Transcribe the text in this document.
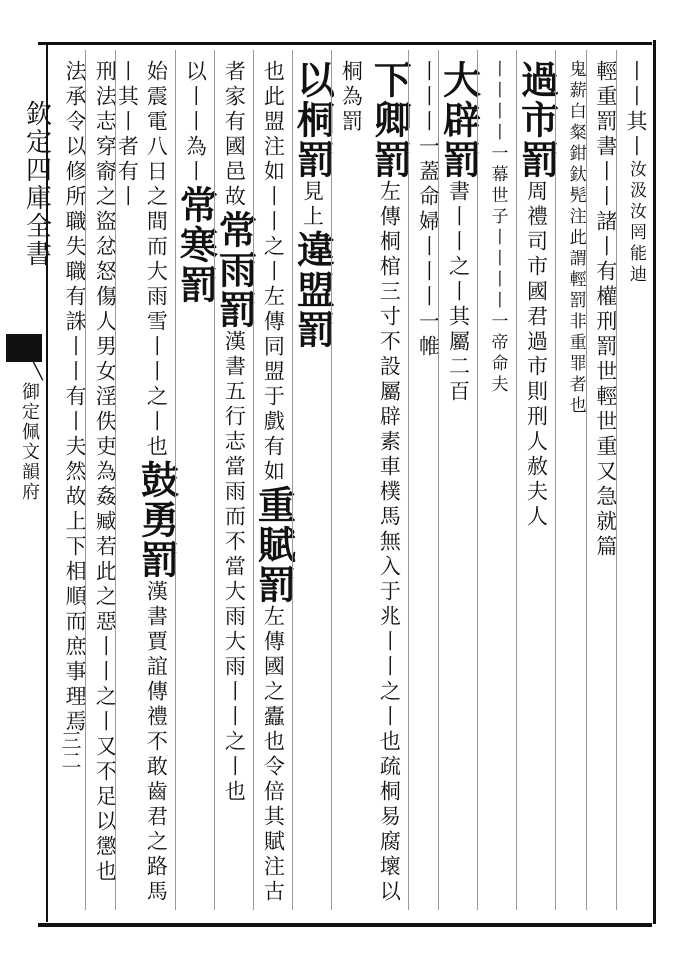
欽定四庫全書
╲
御定佩文韻府
三二
丨丨其丨汝汲汝罔能迪
輕重罰書丨丨諸丨有權刑罰世輕世重又急就篇
鬼薪白粲鉗釱髡注此謂輕罰非重罪者也
過市罰周禮司市國君過市則刑人赦夫人
丨丨丨丨一幕世子丨丨丨丨一帝命夫
大辟罰書丨丨之丨其屬二百
丨丨丨一蓋命婦丨丨丨一帷
下卿罰左傳桐棺三寸不設屬辟素車樸馬無入于兆丨丨之丨也疏桐易腐壞以桐為罰
以桐罰見上違盟罰
也此盟注如丨丨之丨左傳同盟于戲有如重賦罰左傳國之蠹也令倍其賦注古
者家有國邑故常雨罰漢書五行志當雨而不當大雨大雨丨丨之丨也
以丨丨為丨常寒罰
始震電八日之間而大雨雪丨丨之丨也鼓勇罰漢書賈誼傳禮不敢齒君之路馬丨其丨者有丨
刑法志穿窬之盜忿怒傷人男女淫佚吏為姦臧若此之惡丨丨之丨又不足以懲也
法承令以修所職失職有誅丨丨有丨夫然故上下相順而庶事理焉
